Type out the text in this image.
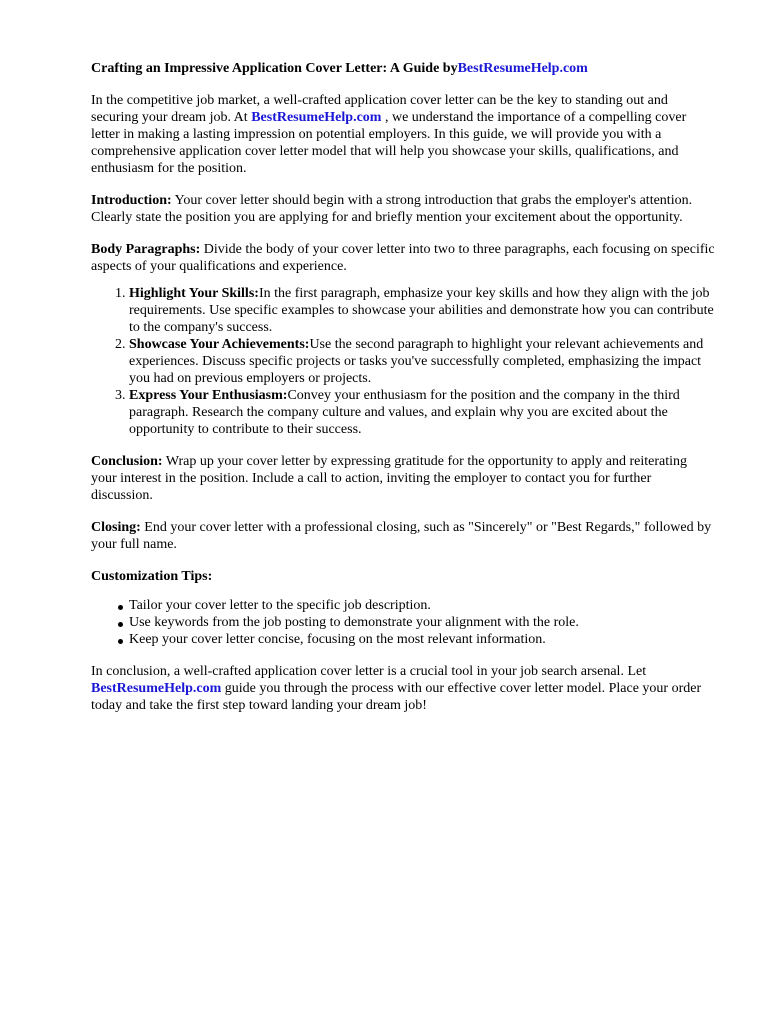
Crafting an Impressive Application Cover Letter: A Guide byBestResumeHelp.com

In the competitive job market, a well-crafted application cover letter can be the key to standing out and securing your dream job. At BestResumeHelp.com , we understand the importance of a compelling cover letter in making a lasting impression on potential employers. In this guide, we will provide you with a comprehensive application cover letter model that will help you showcase your skills, qualifications, and enthusiasm for the position.

Introduction: Your cover letter should begin with a strong introduction that grabs the employer's attention. Clearly state the position you are applying for and briefly mention your excitement about the opportunity.

Body Paragraphs: Divide the body of your cover letter into two to three paragraphs, each focusing on specific aspects of your qualifications and experience.

1. Highlight Your Skills:In the first paragraph, emphasize your key skills and how they align with the job requirements. Use specific examples to showcase your abilities and demonstrate how you can contribute to the company's success.
2. Showcase Your Achievements:Use the second paragraph to highlight your relevant achievements and experiences. Discuss specific projects or tasks you've successfully completed, emphasizing the impact you had on previous employers or projects.
3. Express Your Enthusiasm:Convey your enthusiasm for the position and the company in the third paragraph. Research the company culture and values, and explain why you are excited about the opportunity to contribute to their success.

Conclusion: Wrap up your cover letter by expressing gratitude for the opportunity to apply and reiterating your interest in the position. Include a call to action, inviting the employer to contact you for further discussion.

Closing: End your cover letter with a professional closing, such as "Sincerely" or "Best Regards," followed by your full name.

Customization Tips:
Tailor your cover letter to the specific job description.
Use keywords from the job posting to demonstrate your alignment with the role.
Keep your cover letter concise, focusing on the most relevant information.

In conclusion, a well-crafted application cover letter is a crucial tool in your job search arsenal. Let BestResumeHelp.com guide you through the process with our effective cover letter model. Place your order today and take the first step toward landing your dream job!
